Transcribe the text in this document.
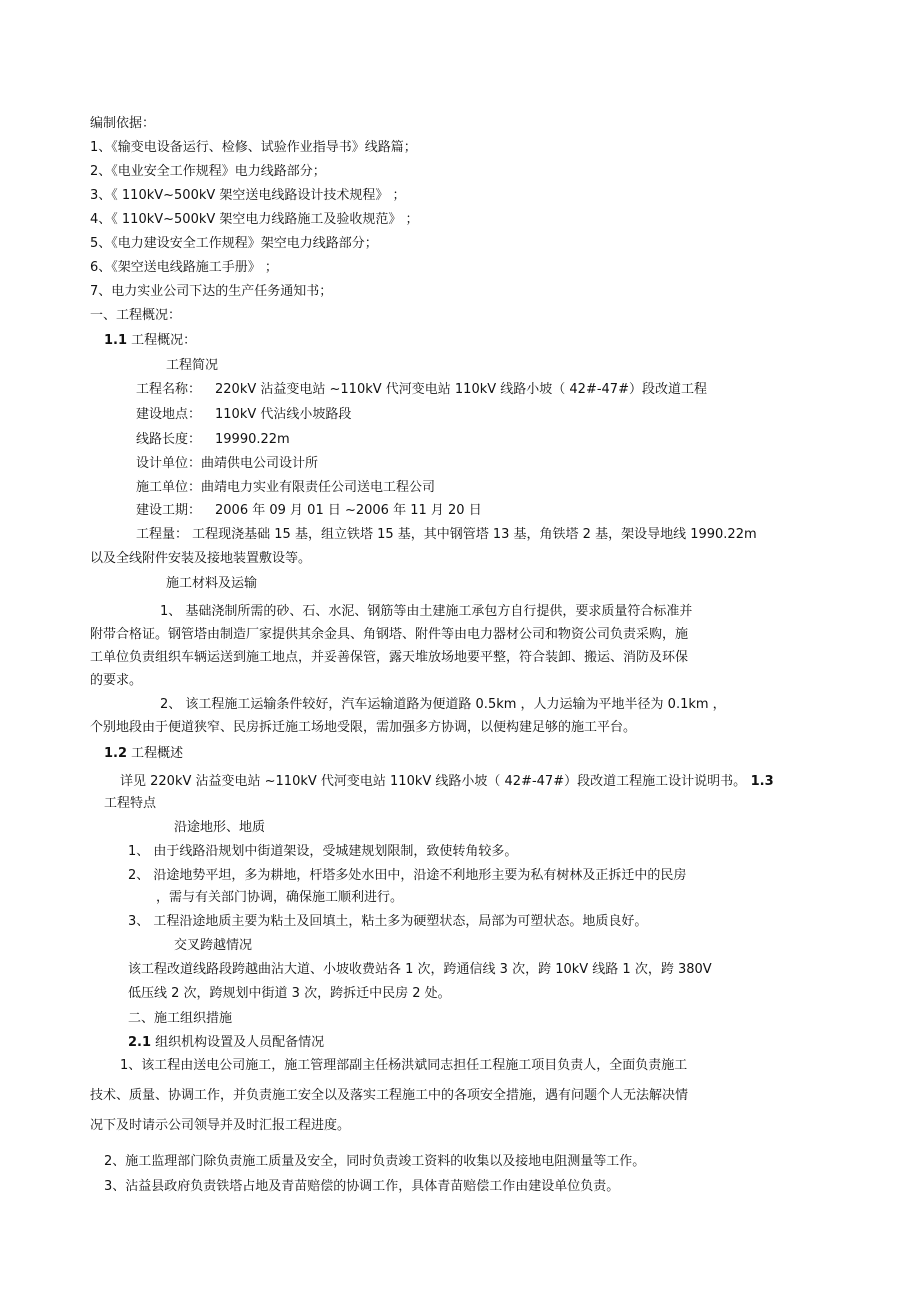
编制依据：
1、《输变电设备运行、检修、试验作业指导书》线路篇；
2、《电业安全工作规程》电力线路部分；
3、《 110kV~500kV 架空送电线路设计技术规程》 ；
4、《 110kV~500kV 架空电力线路施工及验收规范》 ；
5、《电力建设安全工作规程》架空电力线路部分；
6、《架空送电线路施工手册》 ；
7、电力实业公司下达的生产任务通知书；
一、工程概况：
1.1 工程概况：
工程简况
工程名称： 220kV 沾益变电站 ~110kV 代河变电站 110kV 线路小坡（ 42#-47#）段改道工程
建设地点： 110kV 代沾线小坡路段
线路长度： 19990.22m
设计单位：曲靖供电公司设计所
施工单位：曲靖电力实业有限责任公司送电工程公司
建设工期： 2006 年 09 月 01 日 ~2006 年 11 月 20 日
工程量： 工程现浇基础 15 基，组立铁塔 15 基，其中钢管塔 13 基，角铁塔 2 基，架设导地线 1990.22m
以及全线附件安装及接地装置敷设等。
施工材料及运输
1、 基础浇制所需的砂、石、水泥、钢筋等由土建施工承包方自行提供，要求质量符合标准并
附带合格证。钢管塔由制造厂家提供其余金具、角钢塔、附件等由电力器材公司和物资公司负责采购，施
工单位负责组织车辆运送到施工地点，并妥善保管，露天堆放场地要平整，符合装卸、搬运、消防及环保
的要求。
2、 该工程施工运输条件较好，汽车运输道路为便道路 0.5km ，人力运输为平地半径为 0.1km ，
个别地段由于便道狭窄、民房拆迁施工场地受限，需加强多方协调，以便构建足够的施工平台。
1.2 工程概述
详见 220kV 沾益变电站 ~110kV 代河变电站 110kV 线路小坡（ 42#-47#）段改道工程施工设计说明书。 1.3
工程特点
沿途地形、地质
1、 由于线路沿规划中街道架设，受城建规划限制，致使转角较多。
2、 沿途地势平坦，多为耕地，杆塔多处水田中，沿途不利地形主要为私有树林及正拆迁中的民房
，需与有关部门协调，确保施工顺利进行。
3、 工程沿途地质主要为粘土及回填土，粘土多为硬塑状态，局部为可塑状态。地质良好。
交叉跨越情况
该工程改道线路段跨越曲沾大道、小坡收费站各 1 次，跨通信线 3 次，跨 10kV 线路 1 次，跨 380V
低压线 2 次，跨规划中街道 3 次，跨拆迁中民房 2 处。
二、施工组织措施
2.1 组织机构设置及人员配备情况
1、该工程由送电公司施工，施工管理部副主任杨洪斌同志担任工程施工项目负责人，全面负责施工
技术、质量、协调工作，并负责施工安全以及落实工程施工中的各项安全措施，遇有问题个人无法解决情
况下及时请示公司领导并及时汇报工程进度。
2、施工监理部门除负责施工质量及安全，同时负责竣工资料的收集以及接地电阻测量等工作。
3、沾益县政府负责铁塔占地及青苗赔偿的协调工作，具体青苗赔偿工作由建设单位负责。
